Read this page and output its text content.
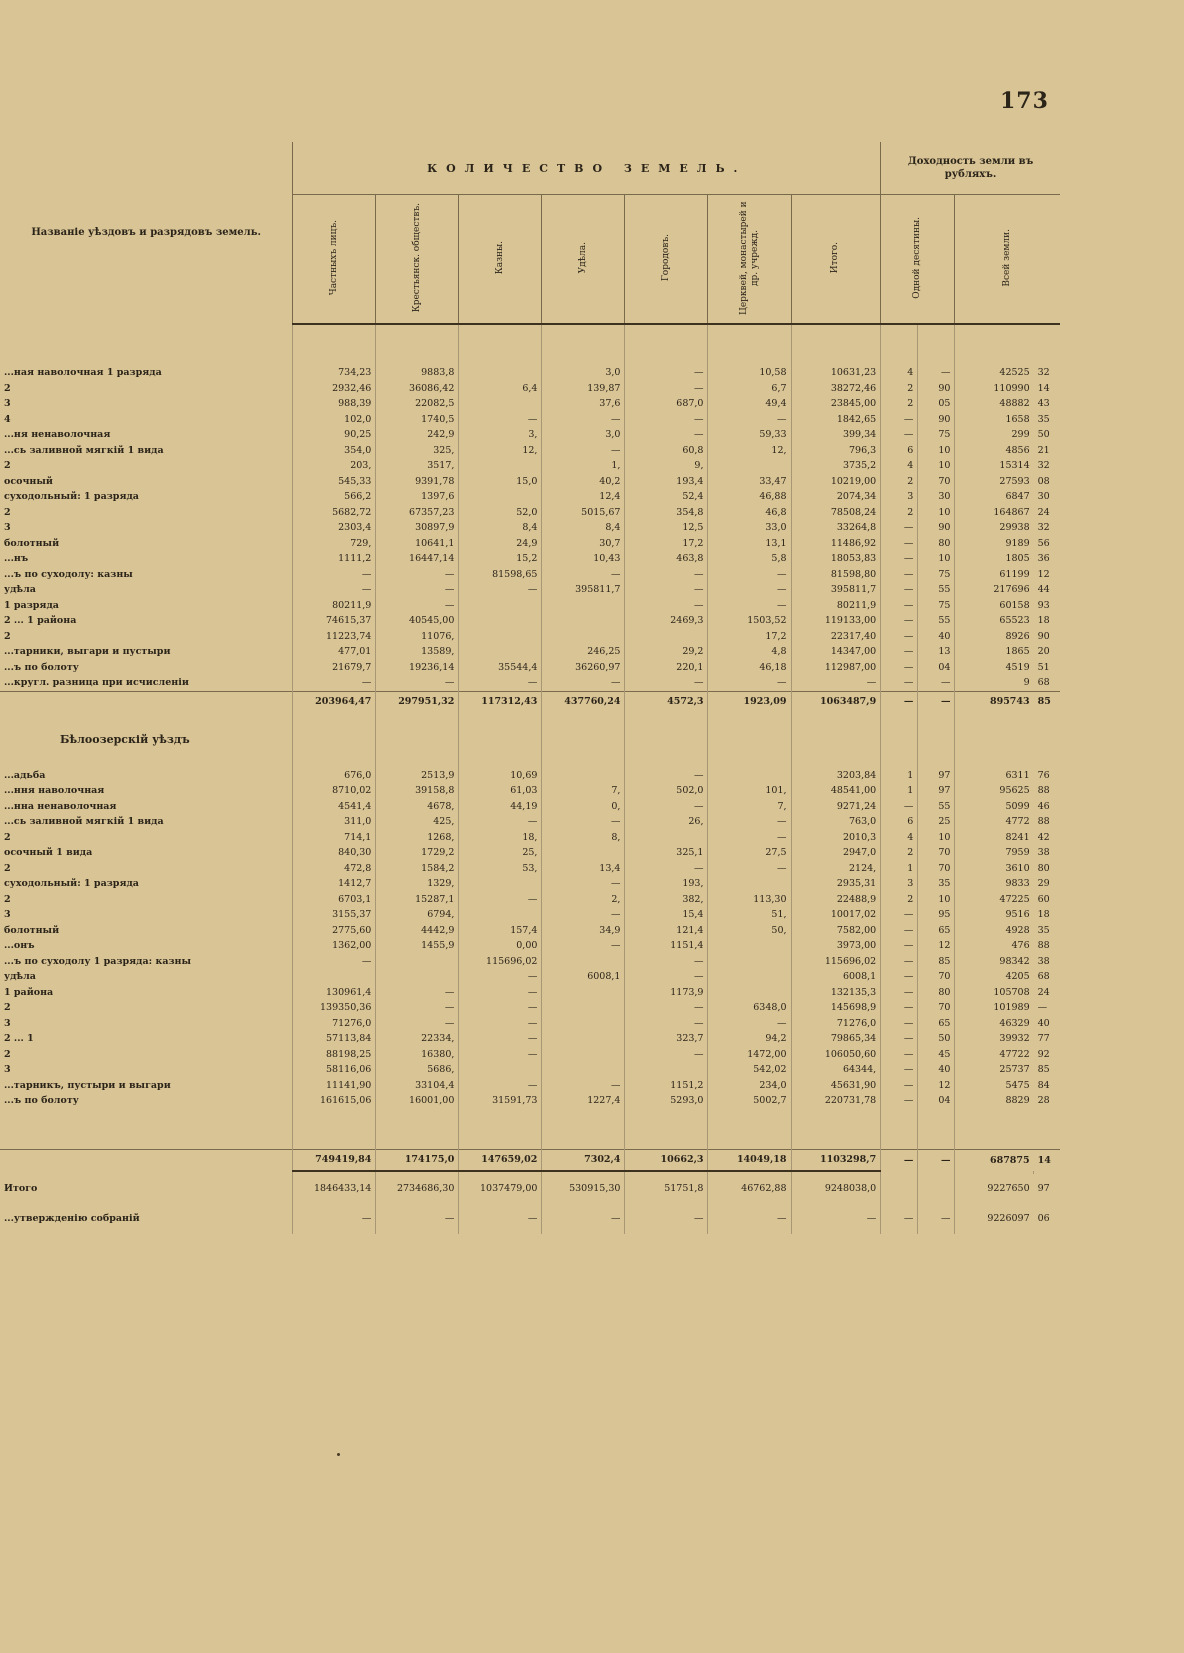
173
Названіе уѣздовъ и разрядовъ земель.	КОЛИЧЕСТВО ЗЕМЕЛЬ.							Доходность земли въ рубляхъ.			
	Частныхъ лицъ.	Крестьянск. обществъ.	Казны.	Удѣла.	Городовъ.	Церквей, монастырей и др. учрежд.	Итого.	Одной десятины.		Всей земли.	

...ная наволочная 1 разряда	734,23	9883,8		3,0	—	10,58	10631,23	4	—	42525	32
2	2932,46	36086,42	6,4	139,87	—	6,7	38272,46	2	90	110990	14
3	988,39	22082,5		37,6	687,0	49,4	23845,00	2	05	48882	43
4	102,0	1740,5	—	—	—	—	1842,65	—	90	1658	35
...ня ненаволочная	90,25	242,9	3,	3,0	—	59,33	399,34	—	75	299	50
...сь заливной мягкій 1 вида	354,0	325,	12,	—	60,8	12,	796,3	6	10	4856	21
2	203,	3517,		1,	9,		3735,2	4	10	15314	32
осочный	545,33	9391,78	15,0	40,2	193,4	33,47	10219,00	2	70	27593	08
суходольный: 1 разряда	566,2	1397,6		12,4	52,4	46,88	2074,34	3	30	6847	30
2	5682,72	67357,23	52,0	5015,67	354,8	46,8	78508,24	2	10	164867	24
3	2303,4	30897,9	8,4	8,4	12,5	33,0	33264,8	—	90	29938	32
болотный	729,	10641,1	24,9	30,7	17,2	13,1	11486,92	—	80	9189	56
...нъ	1111,2	16447,14	15,2	10,43	463,8	5,8	18053,83	—	10	1805	36
...ъ по суходолу: казны	—	—	81598,65	—	—	—	81598,80	—	75	61199	12
удѣла	—	—	—	395811,7	—	—	395811,7	—	55	217696	44
1 разряда	80211,9	—			—	—	80211,9	—	75	60158	93
2 ... 1 района	74615,37	40545,00			2469,3	1503,52	119133,00	—	55	65523	18
2	11223,74	11076,				17,2	22317,40	—	40	8926	90
...тарники, выгари и пустыри	477,01	13589,		246,25	29,2	4,8	14347,00	—	13	1865	20
...ъ по болоту	21679,7	19236,14	35544,4	36260,97	220,1	46,18	112987,00	—	04	4519	51
...кругл. разница при исчисленіи	—	—	—	—	—	—	—	—	—	9	68
	203964,47	297951,32	117312,43	437760,24	4572,3	1923,09	1063487,9	—	—	895743	85
Бѣлоозерскій уѣздъ											
...адьба	676,0	2513,9	10,69		—		3203,84	1	97	6311	76
...ння наволочная	8710,02	39158,8	61,03	7,	502,0	101,	48541,00	1	97	95625	88
...нна ненаволочная	4541,4	4678,	44,19	0,	—	7,	9271,24	—	55	5099	46
...сь заливной мягкій 1 вида	311,0	425,	—	—	26,	—	763,0	6	25	4772	88
2	714,1	1268,	18,	8,		—	2010,3	4	10	8241	42
осочный 1 вида	840,30	1729,2	25,		325,1	27,5	2947,0	2	70	7959	38
2	472,8	1584,2	53,	13,4	—	—	2124,	1	70	3610	80
суходольный: 1 разряда	1412,7	1329,		—	193,		2935,31	3	35	9833	29
2	6703,1	15287,1	—	2,	382,	113,30	22488,9	2	10	47225	60
3	3155,37	6794,		—	15,4	51,	10017,02	—	95	9516	18
болотный	2775,60	4442,9	157,4	34,9	121,4	50,	7582,00	—	65	4928	35
...онъ	1362,00	1455,9	0,00	—	1151,4		3973,00	—	12	476	88
...ъ по суходолу 1 разряда: казны	—		115696,02		—		115696,02	—	85	98342	38
удѣла			—	6008,1	—		6008,1	—	70	4205	68
1 района	130961,4	—	—		1173,9		132135,3	—	80	105708	24
2	139350,36	—	—		—	6348,0	145698,9	—	70	101989	—
3	71276,0	—	—		—	—	71276,0	—	65	46329	40
2 ... 1	57113,84	22334,	—		323,7	94,2	79865,34	—	50	39932	77
2	88198,25	16380,	—		—	1472,00	106050,60	—	45	47722	92
3	58116,06	5686,				542,02	64344,	—	40	25737	85
...тарникъ, пустыри и выгари	11141,90	33104,4	—	—	1151,2	234,0	45631,90	—	12	5475	84
...ъ по болоту	161615,06	16001,00	31591,73	1227,4	5293,0	5002,7	220731,78	—	04	8829	28

	749419,84	174175,0	147659,02	7302,4	10662,3	14049,18	1103298,7	—	—	687875	14

Итого	1846433,14	2734686,30	1037479,00	530915,30	51751,8	46762,88	9248038,0			9227650	97
...утвержденію собраній	—	—	—	—	—	—	—	—	—	9226097	06
